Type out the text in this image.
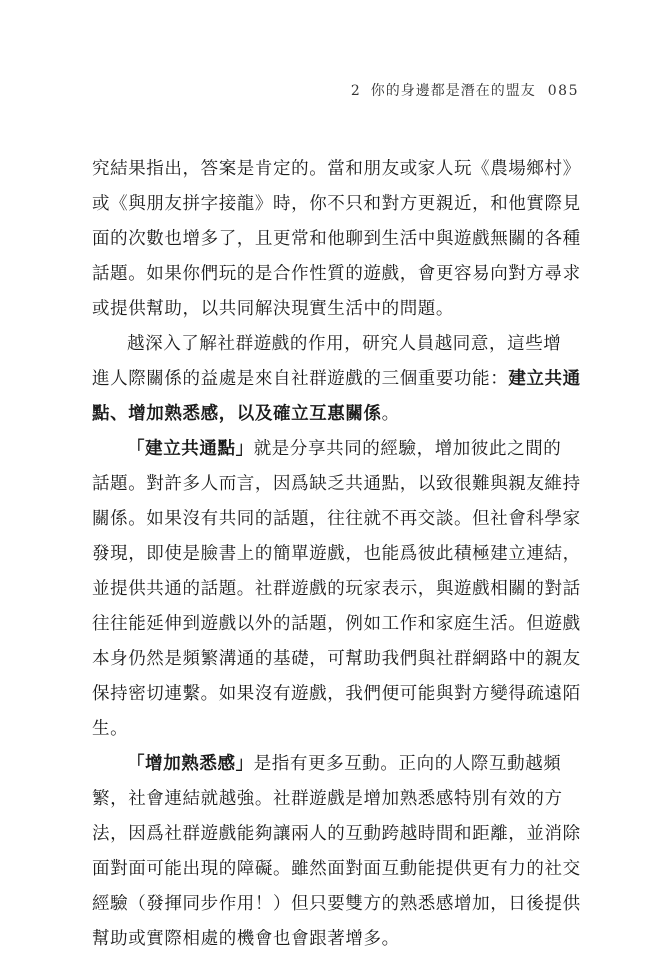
2 你的身邊都是潛在的盟友 085

究結果指出，答案是肯定的。當和朋友或家人玩《農場鄉村》
或《與朋友拼字接龍》時，你不只和對方更親近，和他實際見
面的次數也增多了，且更常和他聊到生活中與遊戲無關的各種
話題。如果你們玩的是合作性質的遊戲，會更容易向對方尋求
或提供幫助，以共同解決現實生活中的問題。

越深入了解社群遊戲的作用，研究人員越同意，這些增
進人際關係的益處是來自社群遊戲的三個重要功能：建立共通
點、增加熟悉感，以及確立互惠關係。

「建立共通點」就是分享共同的經驗，增加彼此之間的
話題。對許多人而言，因爲缺乏共通點，以致很難與親友維持
關係。如果沒有共同的話題，往往就不再交談。但社會科學家
發現，即使是臉書上的簡單遊戲，也能爲彼此積極建立連結，
並提供共通的話題。社群遊戲的玩家表示，與遊戲相關的對話
往往能延伸到遊戲以外的話題，例如工作和家庭生活。但遊戲
本身仍然是頻繁溝通的基礎，可幫助我們與社群網路中的親友
保持密切連繫。如果沒有遊戲，我們便可能與對方變得疏遠陌
生。

「增加熟悉感」是指有更多互動。正向的人際互動越頻
繁，社會連結就越強。社群遊戲是增加熟悉感特別有效的方
法，因爲社群遊戲能夠讓兩人的互動跨越時間和距離，並消除
面對面可能出現的障礙。雖然面對面互動能提供更有力的社交
經驗（發揮同步作用！）但只要雙方的熟悉感增加，日後提供
幫助或實際相處的機會也會跟著增多。
